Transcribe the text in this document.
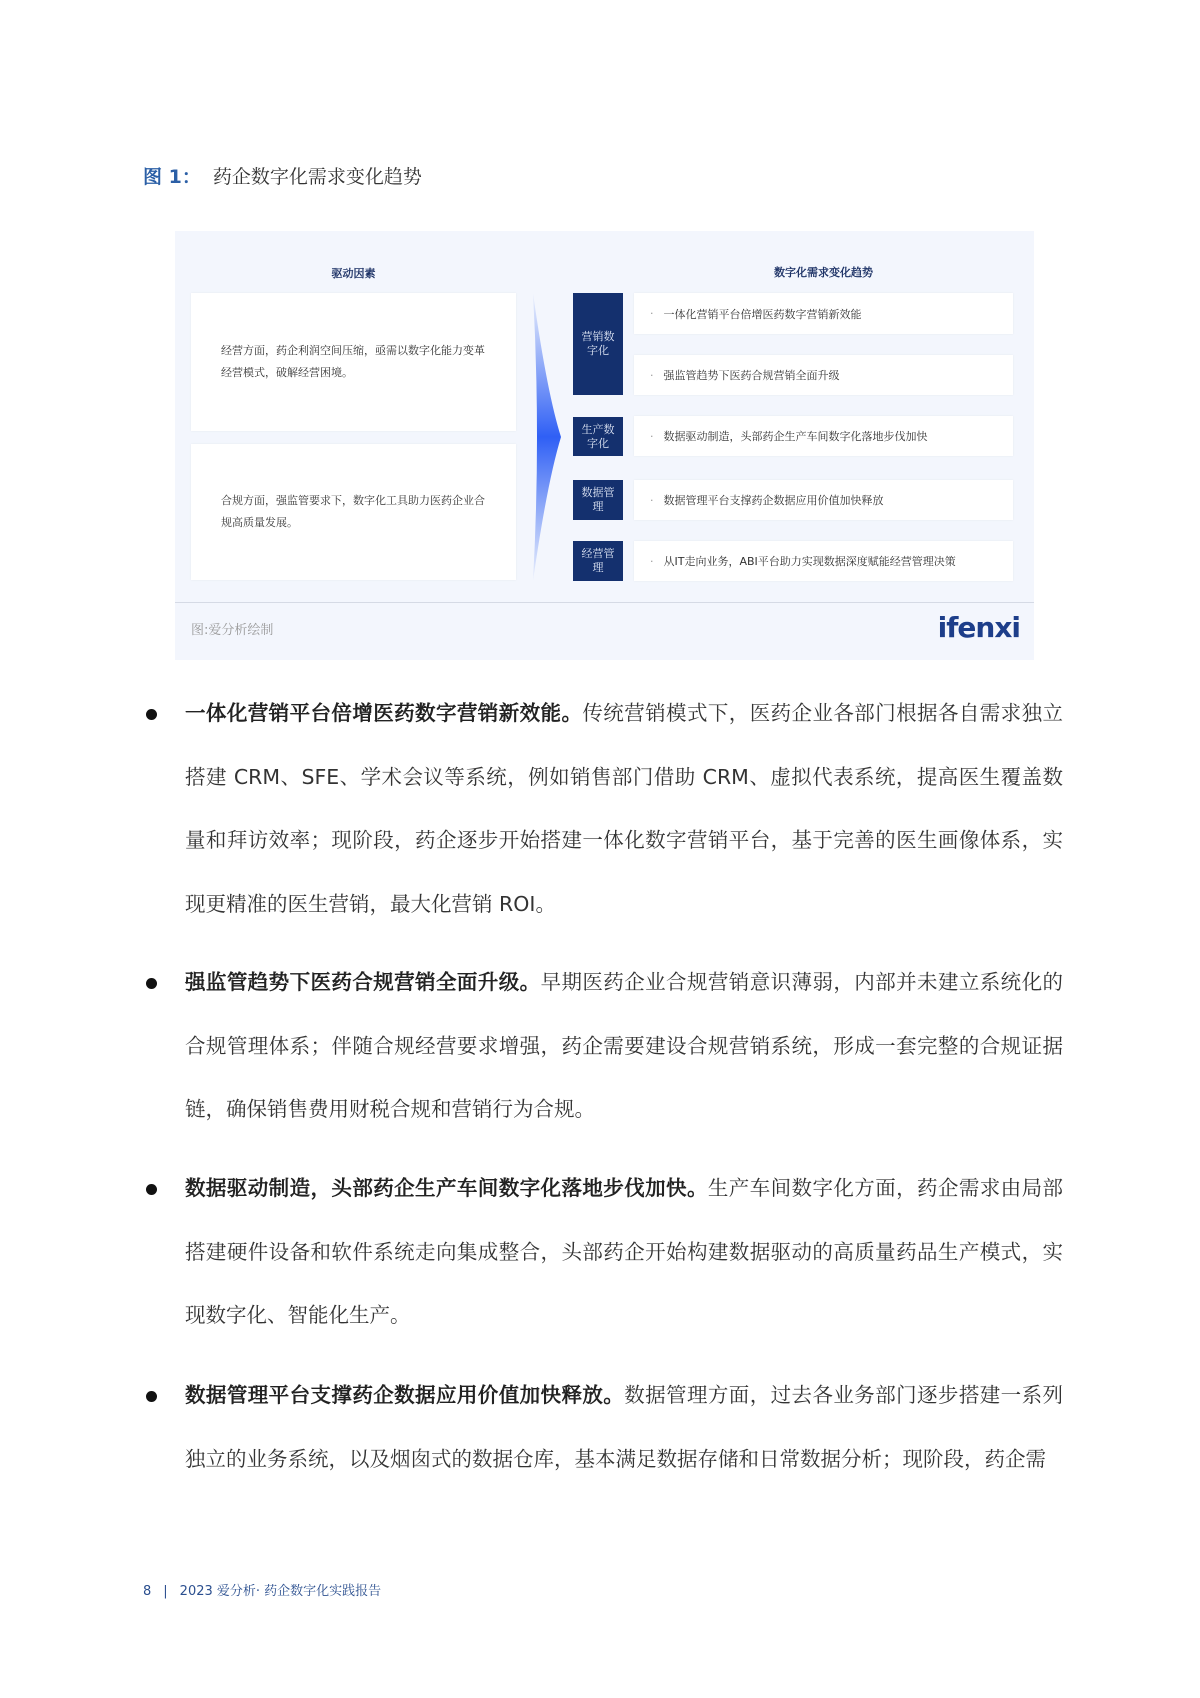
图 1： 药企数字化需求变化趋势
驱动因素	数字化需求变化趋势
经营方面，药企利润空间压缩，亟需以数字化能力变革经营模式，破解经营困境。
合规方面，强监管要求下，数字化工具助力医药企业合规高质量发展。
营销数字化
生产数字化
数据管理
经营管理
· 一体化营销平台倍增医药数字营销新效能
· 强监管趋势下医药合规营销全面升级
· 数据驱动制造，头部药企生产车间数字化落地步伐加快
· 数据管理平台支撑药企数据应用价值加快释放
· 从IT走向业务，ABI平台助力实现数据深度赋能经营管理决策
图:爱分析绘制	ifenxi
一体化营销平台倍增医药数字营销新效能。传统营销模式下，医药企业各部门根据各自需求独立搭建 CRM、SFE、学术会议等系统，例如销售部门借助 CRM、虚拟代表系统，提高医生覆盖数量和拜访效率；现阶段，药企逐步开始搭建一体化数字营销平台，基于完善的医生画像体系，实现更精准的医生营销，最大化营销 ROI。
强监管趋势下医药合规营销全面升级。早期医药企业合规营销意识薄弱，内部并未建立系统化的合规管理体系；伴随合规经营要求增强，药企需要建设合规营销系统，形成一套完整的合规证据链，确保销售费用财税合规和营销行为合规。
数据驱动制造，头部药企生产车间数字化落地步伐加快。生产车间数字化方面，药企需求由局部搭建硬件设备和软件系统走向集成整合，头部药企开始构建数据驱动的高质量药品生产模式，实现数字化、智能化生产。
数据管理平台支撑药企数据应用价值加快释放。数据管理方面，过去各业务部门逐步搭建一系列独立的业务系统，以及烟囱式的数据仓库，基本满足数据存储和日常数据分析；现阶段，药企需
8 | 2023 爱分析· 药企数字化实践报告
